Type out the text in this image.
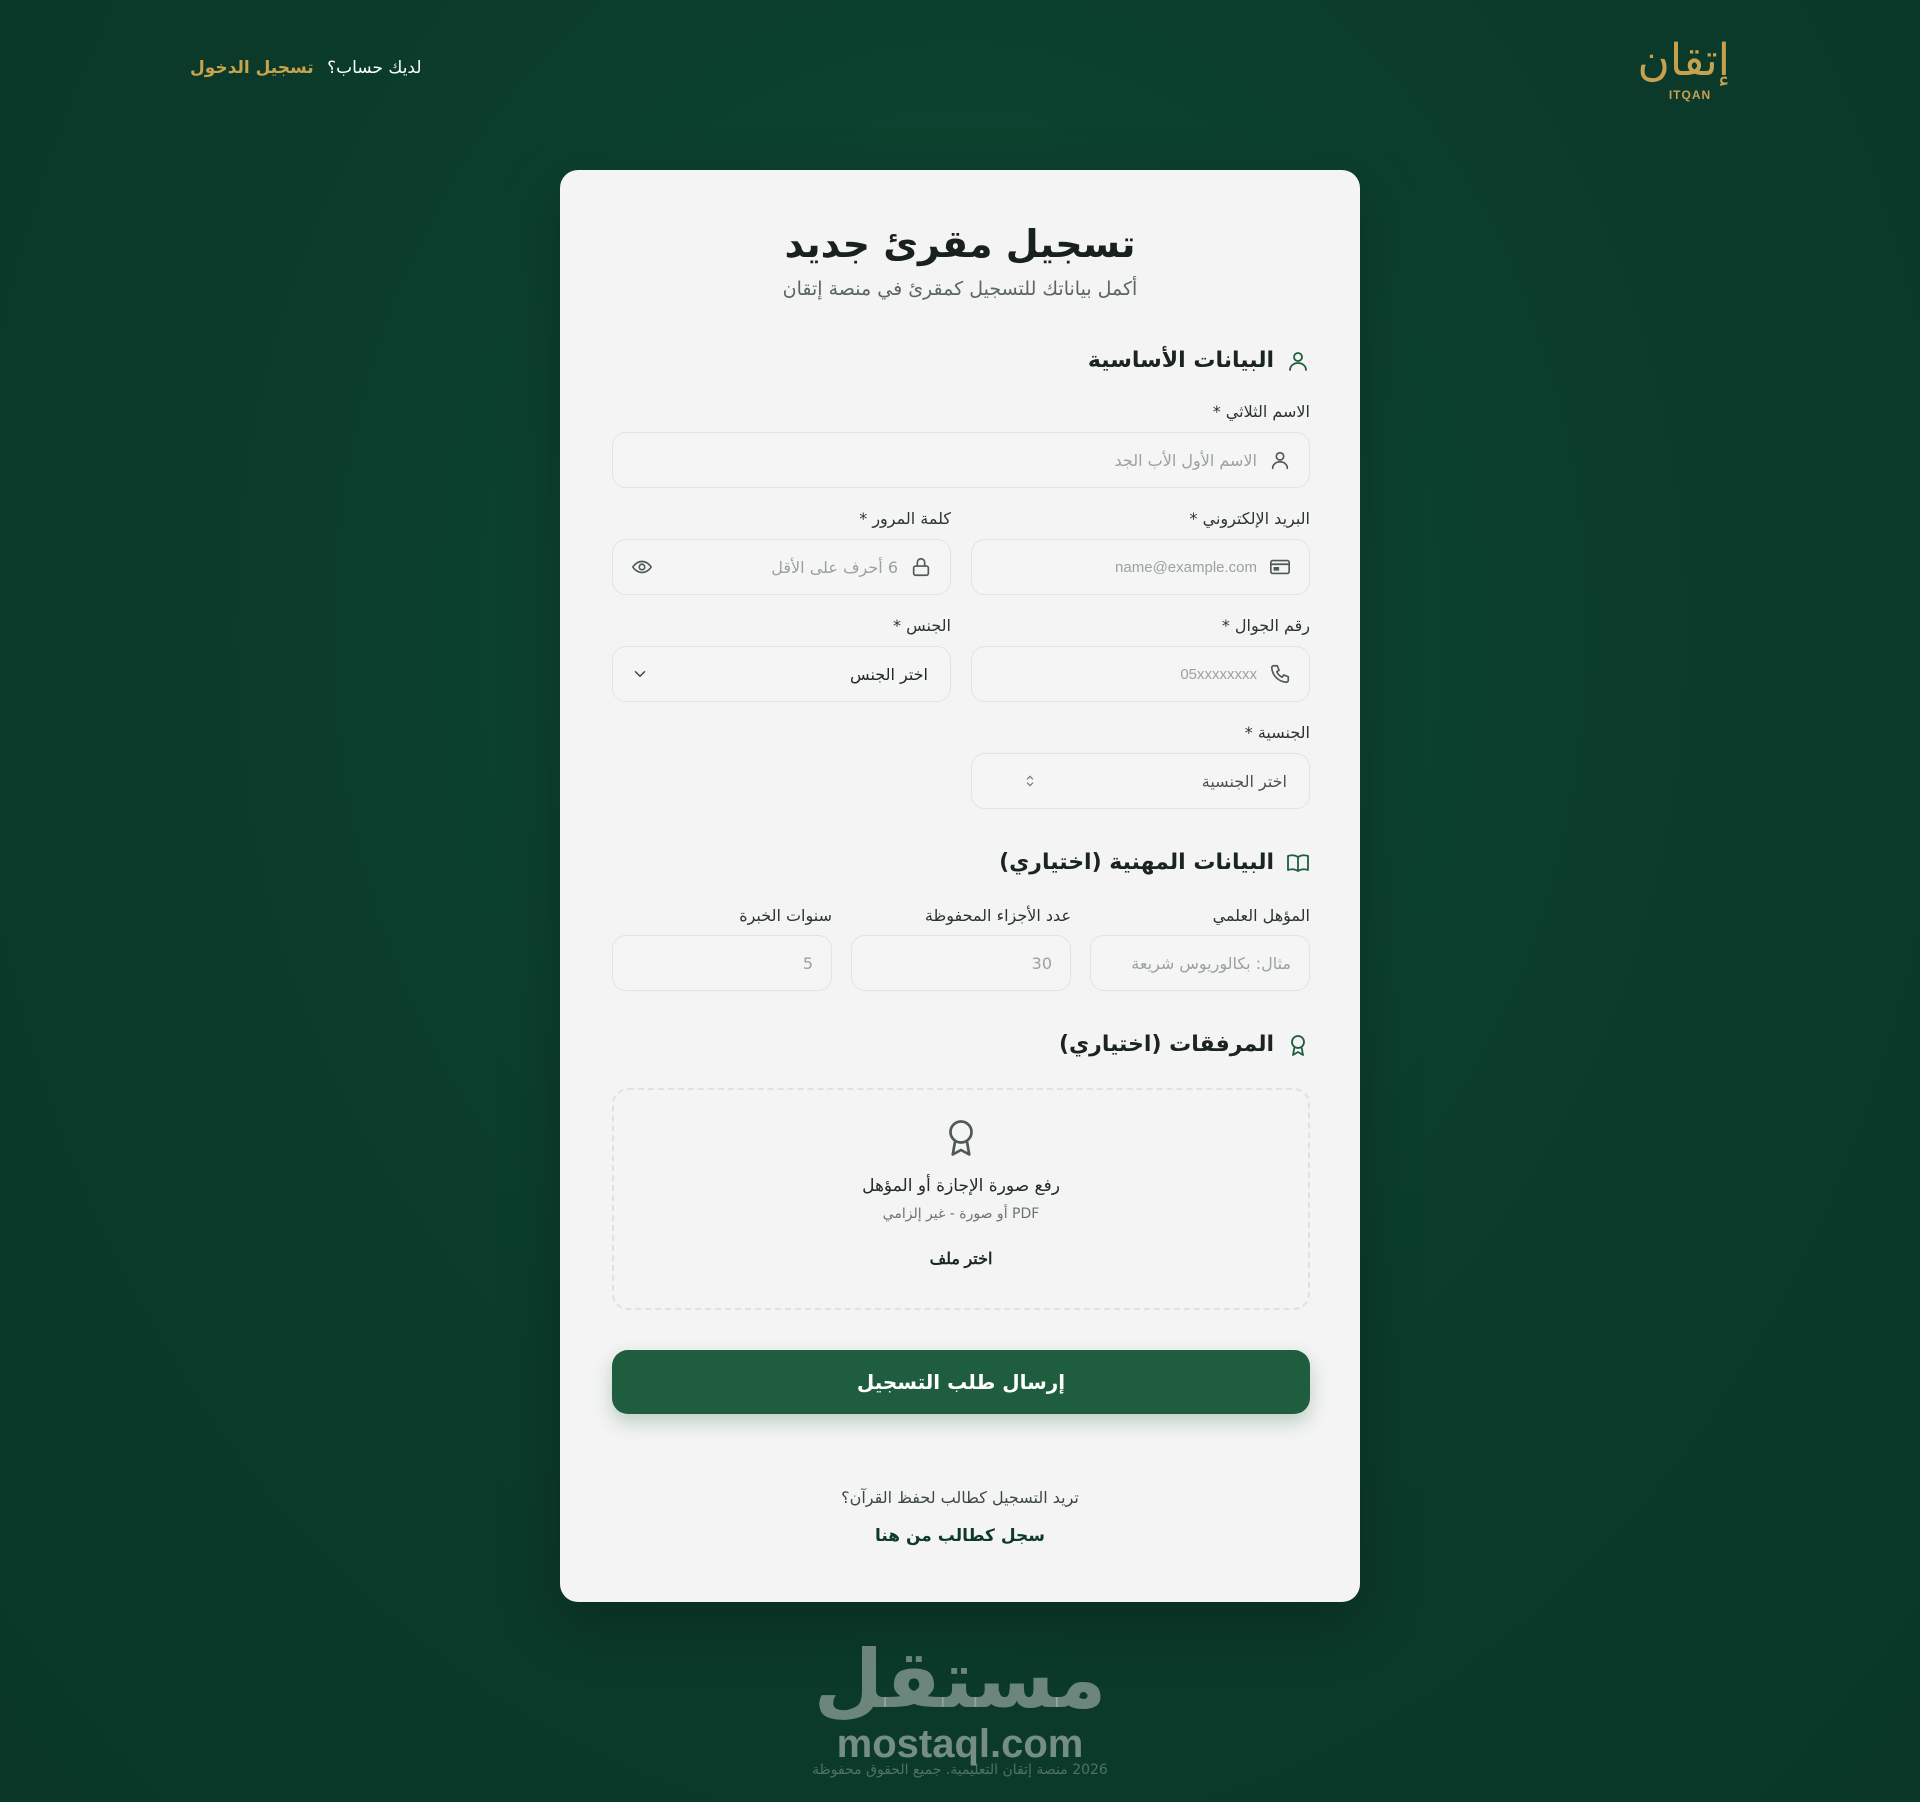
إتقان
ITQAN
لديك حساب؟ تسجيل الدخول
تسجيل مقرئ جديد
أكمل بياناتك للتسجيل كمقرئ في منصة إتقان
البيانات الأساسية
الاسم الثلاثي *
الاسم الأول الأب الجد
البريد الإلكتروني *
name@example.com
كلمة المرور *
6 أحرف على الأقل
رقم الجوال *
05xxxxxxxx
الجنس *
اختر الجنس
الجنسية *
اختر الجنسية
البيانات المهنية (اختياري)
المؤهل العلمي
مثال: بكالوريوس شريعة
عدد الأجزاء المحفوظة
30
سنوات الخبرة
5
المرفقات (اختياري)
رفع صورة الإجازة أو المؤهل
PDF أو صورة - غير إلزامي
اختر ملف
إرسال طلب التسجيل
تريد التسجيل كطالب لحفظ القرآن؟
سجل كطالب من هنا
مستقل
mostaql.com
2026 منصة إتقان التعليمية. جميع الحقوق محفوظة
